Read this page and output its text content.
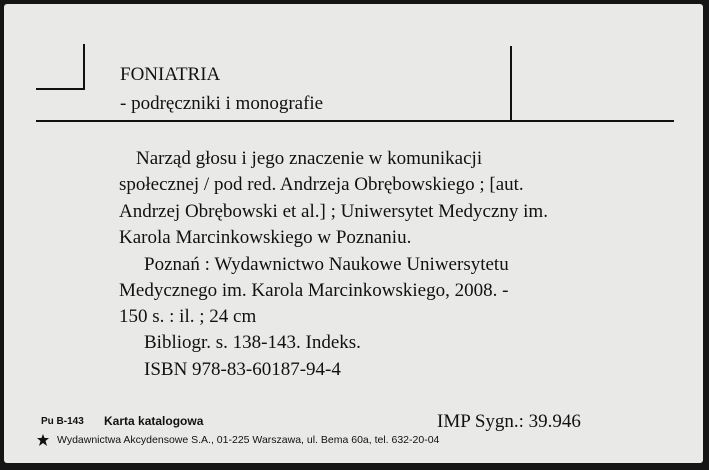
FONIATRIA
- podręczniki i monografie
Narząd głosu i jego znaczenie w komunikacji
społecznej / pod red. Andrzeja Obrębowskiego ; [aut.
Andrzej Obrębowski et al.] ; Uniwersytet Medyczny im.
Karola Marcinkowskiego w Poznaniu.
Poznań : Wydawnictwo Naukowe Uniwersytetu
Medycznego im. Karola Marcinkowskiego, 2008. -
150 s. : il. ; 24 cm
Bibliogr. s. 138-143. Indeks.
ISBN 978-83-60187-94-4
Pu B-143 Karta katalogowa	IMP Sygn.: 39.946
Wydawnictwa Akcydensowe S.A., 01-225 Warszawa, ul. Bema 60a, tel. 632-20-04
